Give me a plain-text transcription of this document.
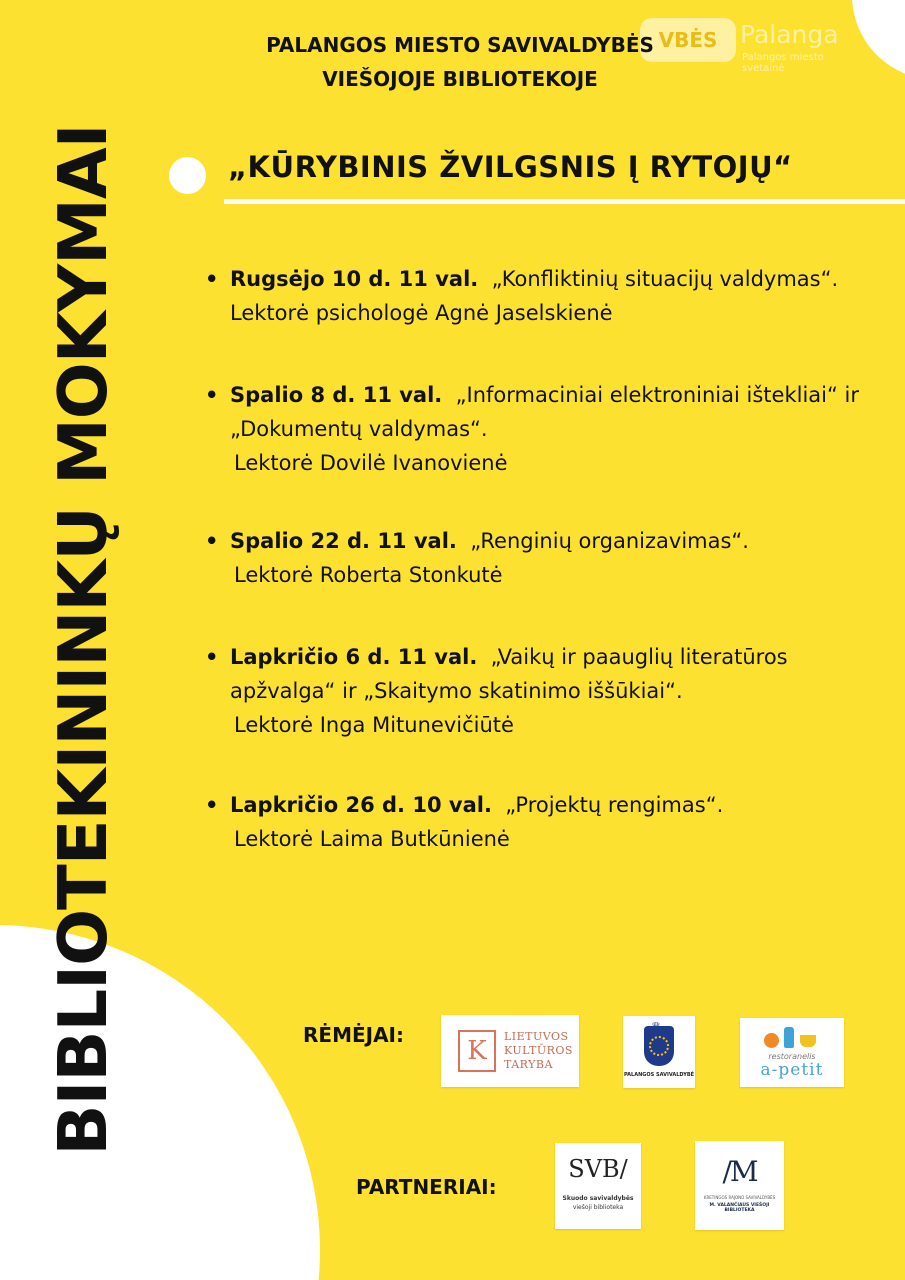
VBĖS Palanga
Palangos miesto
svetainė
BIBLIOTEKININKŲ MOKYMAI
PALANGOS MIESTO SAVIVALDYBĖS
VIEŠOJOJE BIBLIOTEKOJE
„KŪRYBINIS ŽVILGSNIS Į RYTOJŲ“
• Rugsėjo 10 d. 11 val. „Konfliktinių situacijų valdymas“.  Lektorė psichologė Agnė Jaselskienė
• Spalio 8 d. 11 val. „Informaciniai elektroniniai ištekliai“ ir „Dokumentų valdymas“.
Lektorė Dovilė Ivanovienė
• Spalio 22 d. 11 val. „Renginių organizavimas“.
Lektorė Roberta Stonkutė
• Lapkričio 6 d. 11 val. „Vaikų ir paauglių literatūros apžvalga“ ir „Skaitymo skatinimo iššūkiai“.
Lektorė Inga Mitunevičiūtė
• Lapkričio 26 d. 10 val. „Projektų rengimas“.
Lektorė Laima Butkūnienė
RĖMĖJAI:
K	LIETUVOS
KULTŪROS
TARYBA
PALANGOS SAVIVALDYBĖ
restoranelis
a-petit
PARTNERIAI:
SVB/
Skuodo savivaldybės
viešoji biblioteka
/M
KRETINGOS RAJONO SAVIVALDYBĖS
M. VALANČIAUS VIEŠOJI BIBLIOTEKA
